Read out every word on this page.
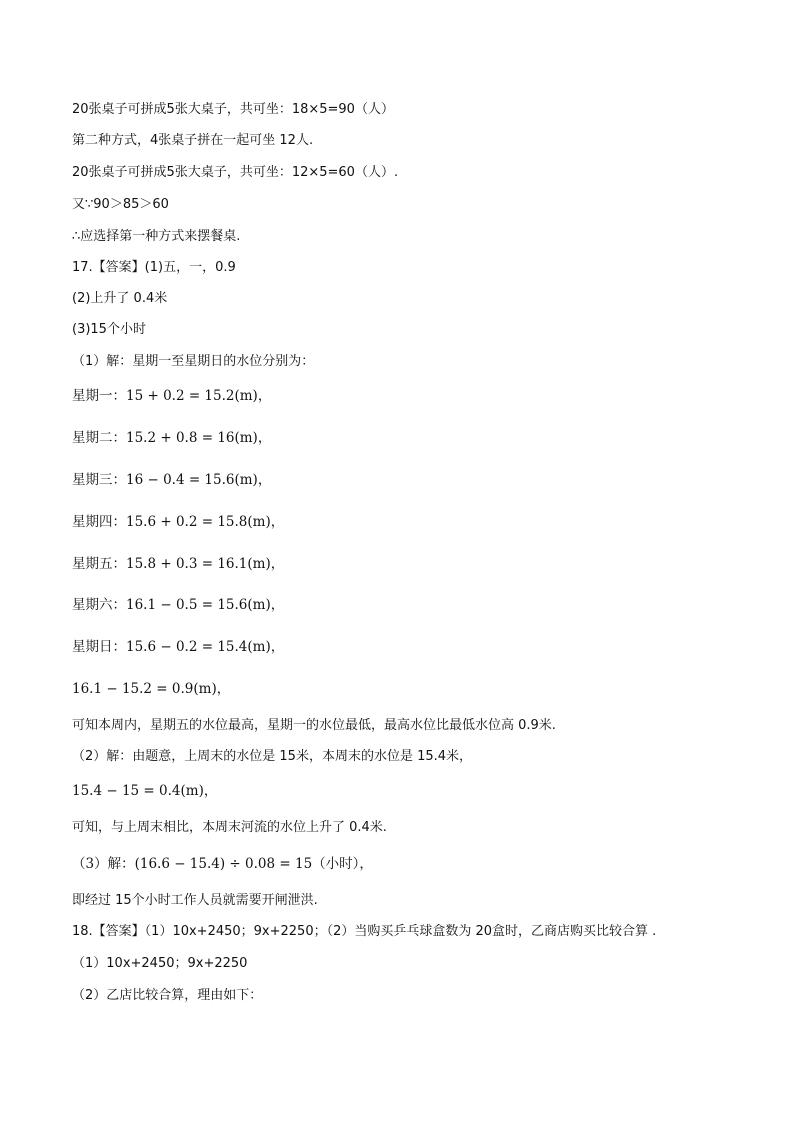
20张桌子可拼成5张大桌子，共可坐：18×5=90（人）
第二种方式，4张桌子拼在一起可坐 12人.
20张桌子可拼成5张大桌子，共可坐：12×5=60（人）.
又∵90＞85＞60
∴应选择第一种方式来摆餐桌.
17.【答案】(1)五，一，0.9
(2)上升了 0.4米
(3)15个小时
（1）解：星期一至星期日的水位分别为：
星期一：15 + 0.2 = 15.2(m)，
星期二：15.2 + 0.8 = 16(m)，
星期三：16 − 0.4 = 15.6(m)，
星期四：15.6 + 0.2 = 15.8(m)，
星期五：15.8 + 0.3 = 16.1(m)，
星期六：16.1 − 0.5 = 15.6(m)，
星期日：15.6 − 0.2 = 15.4(m)，
16.1 − 15.2 = 0.9(m)，
可知本周内，星期五的水位最高，星期一的水位最低，最高水位比最低水位高 0.9米.
（2）解：由题意，上周末的水位是 15米，本周末的水位是 15.4米，
15.4 − 15 = 0.4(m)，
可知，与上周末相比，本周末河流的水位上升了 0.4米.
（3）解：(16.6 − 15.4) ÷ 0.08 = 15（小时），
即经过 15个小时工作人员就需要开闸泄洪.
18.【答案】（1）10x+2450；9x+2250；（2）当购买乒乓球盒数为 20盒时，乙商店购买比较合算 .
（1）10x+2450；9x+2250
（2）乙店比较合算，理由如下：
